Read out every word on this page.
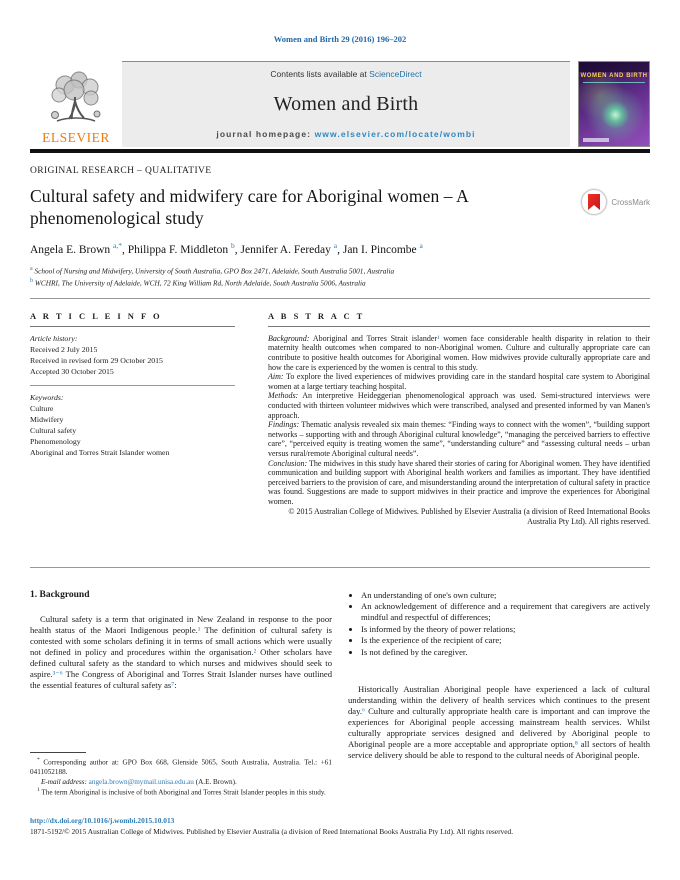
Women and Birth 29 (2016) 196–202
ELSEVIER
Contents lists available at ScienceDirect
Women and Birth
journal homepage: www.elsevier.com/locate/wombi
WOMEN AND BIRTH
ORIGINAL RESEARCH – QUALITATIVE
Cultural safety and midwifery care for Aboriginal women – A phenomenological study
CrossMark
Angela E. Brown $^{a,*}$, Philippa F. Middleton $^b$, Jennifer A. Fereday $^a$, Jan I. Pincombe $^a$
$^a$ School of Nursing and Midwifery, University of South Australia, GPO Box 2471, Adelaide, South Australia 5001, Australia
$^b$ WCHRI, The University of Adelaide, WCH, 72 King William Rd, North Adelaide, South Australia 5006, Australia
A R T I C L E I N F O
Article history:
Received 2 July 2015
Received in revised form 29 October 2015
Accepted 30 October 2015
Keywords:
Culture
Midwifery
Cultural safety
Phenomenology
Aboriginal and Torres Strait Islander women
A B S T R A C T

Background: Aboriginal and Torres Strait islander¹ women face considerable health disparity in relation to their maternity health outcomes when compared to non-Aboriginal women. Culture and culturally appropriate care can contribute to positive health outcomes for Aboriginal women. How midwives provide culturally appropriate care and how the care is experienced by the women is central to this study.

Aim: To explore the lived experiences of midwives providing care in the standard hospital care system to Aboriginal women at a large tertiary teaching hospital.

Methods: An interpretive Heideggerian phenomenological approach was used. Semi-structured interviews were conducted with thirteen volunteer midwives which were transcribed, analysed and presented informed by van Manen's approach.

Findings: Thematic analysis revealed six main themes: “Finding ways to connect with the women”, “building support networks – supporting with and through Aboriginal cultural knowledge”, “managing the perceived barriers to effective care”, “perceived equity is treating women the same”, “understanding culture” and “assessing cultural needs – urban versus rural/remote Aboriginal cultural needs”.

Conclusion: The midwives in this study have shared their stories of caring for Aboriginal women. They have identified communication and building support with Aboriginal health workers and families as important. They have identified perceived barriers to the provision of care, and misunderstanding around the interpretation of cultural safety in practice was found. Suggestions are made to support midwives in their practice and improve the experiences for Aboriginal women.

© 2015 Australian College of Midwives. Published by Elsevier Australia (a division of Reed International Books Australia Pty Ltd). All rights reserved.

1. Background

Cultural safety is a term that originated in New Zealand in response to the poor health status of the Maori Indigenous people.¹ The definition of cultural safety is contested with some scholars defining it in terms of small actions which were usually not defined in policy and procedures within the organisation.² Other scholars have defined cultural safety as the standard to which nurses and midwives should seek to aspire.³⁻⁶ The Congress of Aboriginal and Torres Strait Islander nurses have outlined the essential features of cultural safety as⁷:

* Corresponding author at: GPO Box 668, Glenside 5065, South Australia, Australia. Tel.: +61 0411052188.

E-mail address: angela.brown@mymail.unisa.edu.au (A.E. Brown).

$^1$ The term Aboriginal is inclusive of both Aboriginal and Torres Strait Islander peoples in this study.

• An understanding of one's own culture;
• An acknowledgement of difference and a requirement that caregivers are actively mindful and respectful of differences;
• Is informed by the theory of power relations;
• Is the experience of the recipient of care;
• Is not defined by the caregiver.

Historically Australian Aboriginal people have experienced a lack of cultural understanding within the delivery of health services which continues to the present day.⁶ Culture and culturally appropriate health care is important and can improve the experiences for Aboriginal people accessing mainstream health services. Whilst culturally appropriate services designed and delivered by Aboriginal people to Aboriginal people are a more acceptable and appropriate option,⁸ all sectors of health service delivery should be able to respond to the cultural needs of Aboriginal people.

http://dx.doi.org/10.1016/j.wombi.2015.10.013
1871-5192/© 2015 Australian College of Midwives. Published by Elsevier Australia (a division of Reed International Books Australia Pty Ltd). All rights reserved.
